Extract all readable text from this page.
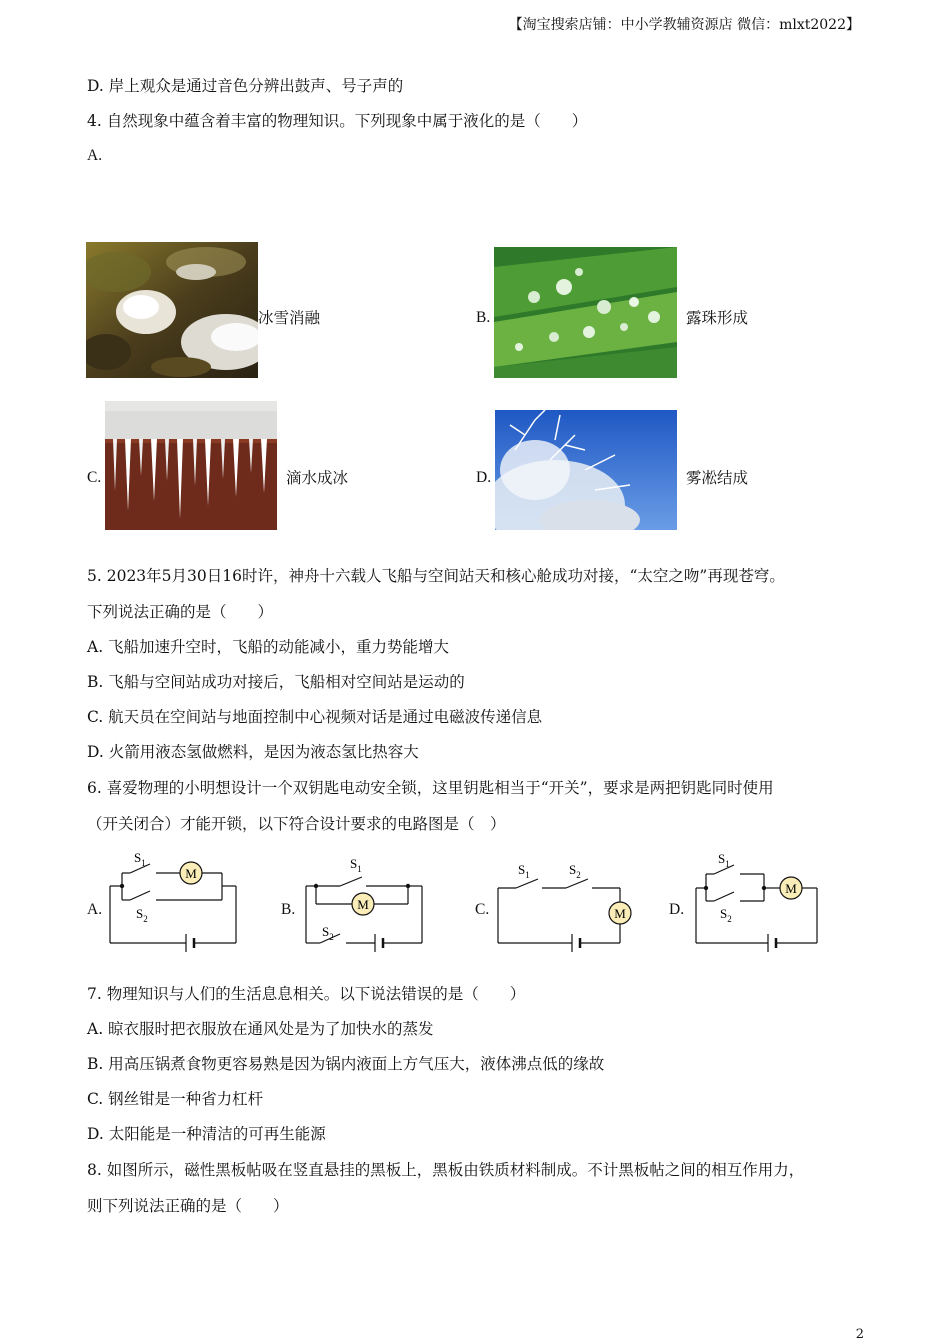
【淘宝搜索店铺：中小学教辅资源店 微信：mlxt2022】
D. 岸上观众是通过音色分辨出鼓声、号子声的
4. 自然现象中蕴含着丰富的物理知识。下列现象中属于液化的是（　　）
A.
冰雪消融	B.	露珠形成
C.	滴水成冰	D.	雾凇结成
5. 2023年5月30日16时许，神舟十六载人飞船与空间站天和核心舱成功对接，“太空之吻”再现苍穹。
下列说法正确的是（　　）
A. 飞船加速升空时，飞船的动能减小，重力势能增大
B. 飞船与空间站成功对接后，飞船相对空间站是运动的
C. 航天员在空间站与地面控制中心视频对话是通过电磁波传递信息
D. 火箭用液态氢做燃料，是因为液态氢比热容大
6. 喜爱物理的小明想设计一个双钥匙电动安全锁，这里钥匙相当于“开关”，要求是两把钥匙同时使用
（开关闭合）才能开锁，以下符合设计要求的电路图是（　）
A.	B.	C.	D.
M
$S_1$
$S_2$
M
$S_1$
$S_2$
M
$S_1$	$S_2$
M
$S_1$
$S_2$
7. 物理知识与人们的生活息息相关。以下说法错误的是（　　）
A. 晾衣服时把衣服放在通风处是为了加快水的蒸发
B. 用高压锅煮食物更容易熟是因为锅内液面上方气压大，液体沸点低的缘故
C. 钢丝钳是一种省力杠杆
D. 太阳能是一种清洁的可再生能源
8. 如图所示，磁性黑板帖吸在竖直悬挂的黑板上，黑板由铁质材料制成。不计黑板帖之间的相互作用力，
则下列说法正确的是（　　）
2
